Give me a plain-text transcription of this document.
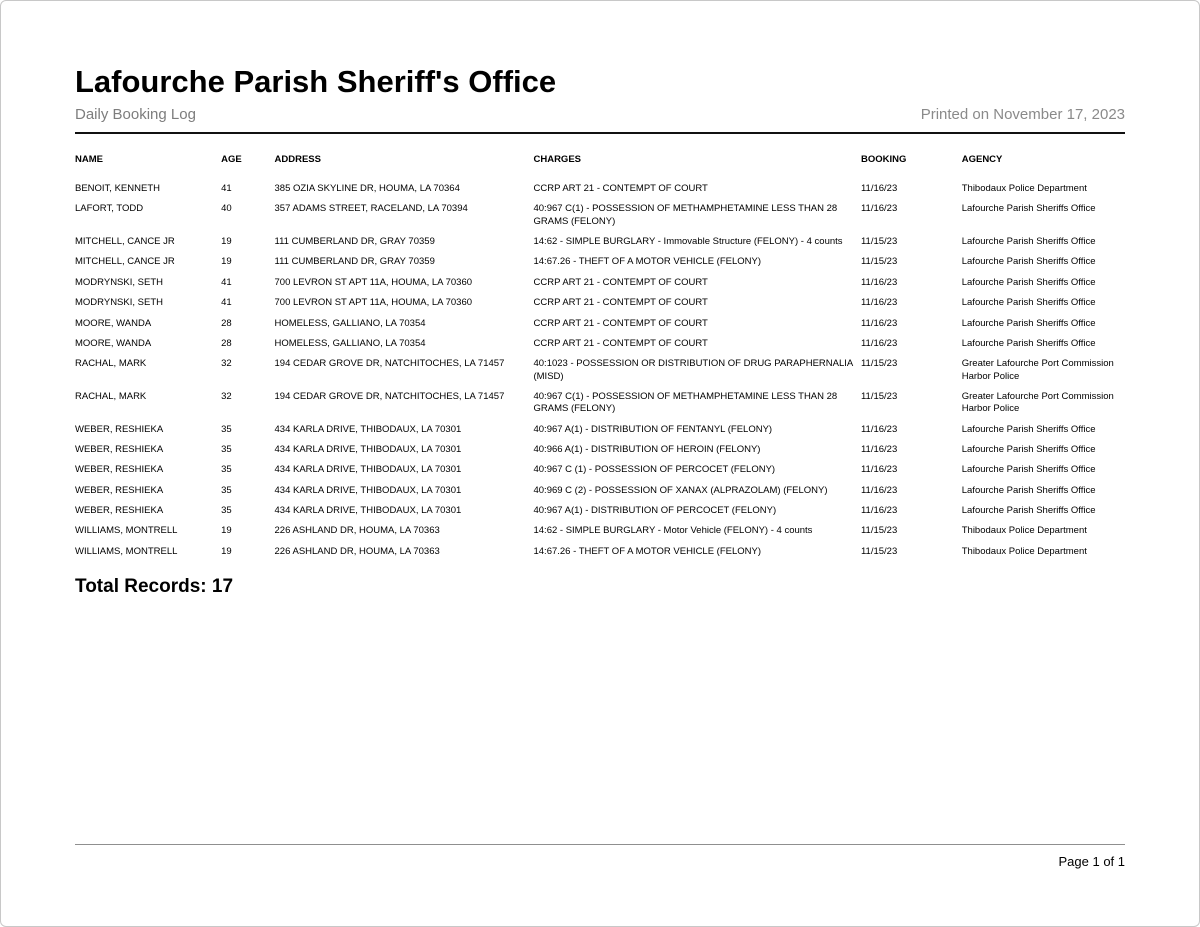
Lafourche Parish Sheriff's Office
Daily Booking Log	Printed on November 17, 2023
NAME	AGE	ADDRESS	CHARGES	BOOKING	AGENCY
BENOIT, KENNETH	41	385 OZIA SKYLINE DR, HOUMA, LA 70364	CCRP ART 21 - CONTEMPT OF COURT	11/16/23	Thibodaux Police Department
LAFORT, TODD	40	357 ADAMS STREET, RACELAND, LA 70394	40:967 C(1) - POSSESSION OF METHAMPHETAMINE LESS THAN 28 GRAMS (FELONY)	11/16/23	Lafourche Parish Sheriffs Office
MITCHELL, CANCE JR	19	111 CUMBERLAND DR, GRAY 70359	14:62 - SIMPLE BURGLARY - Immovable Structure (FELONY) - 4 counts	11/15/23	Lafourche Parish Sheriffs Office
MITCHELL, CANCE JR	19	111 CUMBERLAND DR, GRAY 70359	14:67.26 - THEFT OF A MOTOR VEHICLE (FELONY)	11/15/23	Lafourche Parish Sheriffs Office
MODRYNSKI, SETH	41	700 LEVRON ST APT 11A, HOUMA, LA 70360	CCRP ART 21 - CONTEMPT OF COURT	11/16/23	Lafourche Parish Sheriffs Office
MODRYNSKI, SETH	41	700 LEVRON ST APT 11A, HOUMA, LA 70360	CCRP ART 21 - CONTEMPT OF COURT	11/16/23	Lafourche Parish Sheriffs Office
MOORE, WANDA	28	HOMELESS, GALLIANO, LA 70354	CCRP ART 21 - CONTEMPT OF COURT	11/16/23	Lafourche Parish Sheriffs Office
MOORE, WANDA	28	HOMELESS, GALLIANO, LA 70354	CCRP ART 21 - CONTEMPT OF COURT	11/16/23	Lafourche Parish Sheriffs Office
RACHAL, MARK	32	194 CEDAR GROVE DR, NATCHITOCHES, LA 71457	40:1023 - POSSESSION OR DISTRIBUTION OF DRUG PARAPHERNALIA (MISD)	11/15/23	Greater Lafourche Port Commission Harbor Police
RACHAL, MARK	32	194 CEDAR GROVE DR, NATCHITOCHES, LA 71457	40:967 C(1) - POSSESSION OF METHAMPHETAMINE LESS THAN 28 GRAMS (FELONY)	11/15/23	Greater Lafourche Port Commission Harbor Police
WEBER, RESHIEKA	35	434 KARLA DRIVE, THIBODAUX, LA 70301	40:967 A(1) - DISTRIBUTION OF FENTANYL (FELONY)	11/16/23	Lafourche Parish Sheriffs Office
WEBER, RESHIEKA	35	434 KARLA DRIVE, THIBODAUX, LA 70301	40:966 A(1) - DISTRIBUTION OF HEROIN (FELONY)	11/16/23	Lafourche Parish Sheriffs Office
WEBER, RESHIEKA	35	434 KARLA DRIVE, THIBODAUX, LA 70301	40:967 C (1) - POSSESSION OF PERCOCET (FELONY)	11/16/23	Lafourche Parish Sheriffs Office
WEBER, RESHIEKA	35	434 KARLA DRIVE, THIBODAUX, LA 70301	40:969 C (2) - POSSESSION OF XANAX (ALPRAZOLAM) (FELONY)	11/16/23	Lafourche Parish Sheriffs Office
WEBER, RESHIEKA	35	434 KARLA DRIVE, THIBODAUX, LA 70301	40:967 A(1) - DISTRIBUTION OF PERCOCET (FELONY)	11/16/23	Lafourche Parish Sheriffs Office
WILLIAMS, MONTRELL	19	226 ASHLAND DR, HOUMA, LA 70363	14:62 - SIMPLE BURGLARY - Motor Vehicle (FELONY) - 4 counts	11/15/23	Thibodaux Police Department
WILLIAMS, MONTRELL	19	226 ASHLAND DR, HOUMA, LA 70363	14:67.26 - THEFT OF A MOTOR VEHICLE (FELONY)	11/15/23	Thibodaux Police Department
Total Records: 17
Page 1 of 1
